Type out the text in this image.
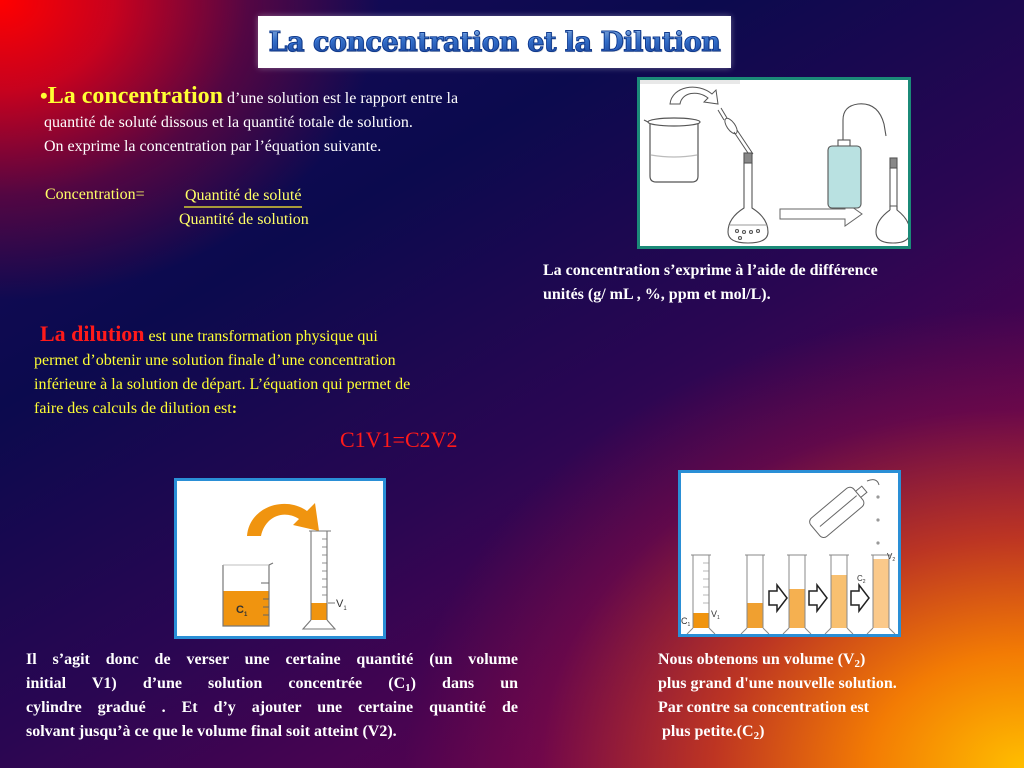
La concentration et la Dilution
•La concentration d’une solution est le rapport entre la
quantité de soluté dissous et la quantité totale de solution.
On exprime la concentration par l’équation suivante.
Concentration=	Quantité de soluté
Quantité de solution
La concentration s’exprime à l’aide de différence
unités (g/ mL , %, ppm et mol/L).
La dilution est une transformation physique qui
permet d’obtenir une solution finale d’une concentration
inférieure à la solution de départ. L’équation qui permet de
faire des calculs de dilution est:
C1V1=C2V2
$C_1$
$V_1$	$V_1$
$C_1$
$V_2$
$C_2$
Il s’agit donc de verser une certaine quantité (un volume
initial V1) d’une solution concentrée $(C_1)$ dans un
cylindre gradué . Et d’y ajouter une certaine quantité de
solvant jusqu’à ce que le volume final soit atteint (V2).
Nous obtenons un volume $(V_2)$
plus grand d'une nouvelle solution.
Par contre sa concentration est
plus $petite.(C_2)$
